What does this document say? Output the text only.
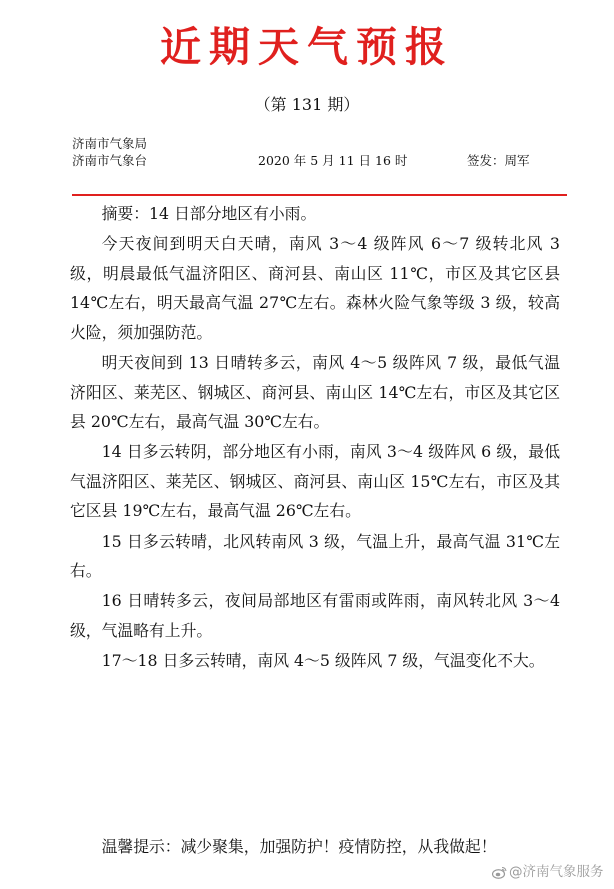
近期天气预报
（第 131 期）
济南市气象局
济南市气象台	2020 年 5 月 11 日 16 时	签发：周军

摘要：14 日部分地区有小雨。

今天夜间到明天白天晴，南风 3～4 级阵风 6～7 级转北风 3 级，明晨最低气温济阳区、商河县、南山区 11℃，市区及其它区县 14℃左右，明天最高气温 27℃左右。森林火险气象等级 3 级，较高火险，须加强防范。

明天夜间到 13 日晴转多云，南风 4～5 级阵风 7 级，最低气温济阳区、莱芜区、钢城区、商河县、南山区 14℃左右，市区及其它区县 20℃左右，最高气温 30℃左右。

14 日多云转阴，部分地区有小雨，南风 3～4 级阵风 6 级，最低气温济阳区、莱芜区、钢城区、商河县、南山区 15℃左右，市区及其它区县 19℃左右，最高气温 26℃左右。

15 日多云转晴，北风转南风 3 级，气温上升，最高气温 31℃左右。

16 日晴转多云，夜间局部地区有雷雨或阵雨，南风转北风 3～4 级，气温略有上升。

17～18 日多云转晴，南风 4～5 级阵风 7 级，气温变化不大。

温馨提示：减少聚集，加强防护！疫情防控，从我做起！
@济南气象服务
